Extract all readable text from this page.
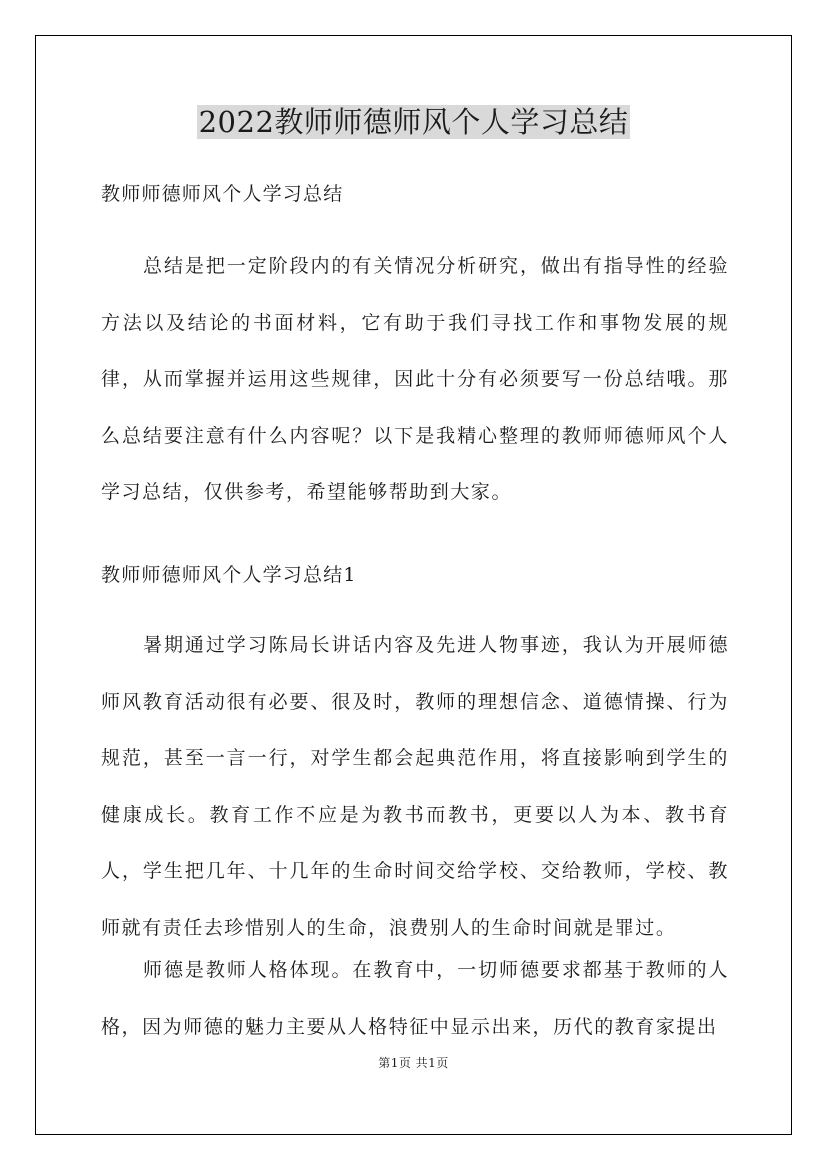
2022教师师德师风个人学习总结
教师师德师风个人学习总结

总结是把一定阶段内的有关情况分析研究，做出有指导性的经验方法以及结论的书面材料，它有助于我们寻找工作和事物发展的规律，从而掌握并运用这些规律，因此十分有必须要写一份总结哦。那么总结要注意有什么内容呢？以下是我精心整理的教师师德师风个人学习总结，仅供参考，希望能够帮助到大家。

教师师德师风个人学习总结1

暑期通过学习陈局长讲话内容及先进人物事迹，我认为开展师德师风教育活动很有必要、很及时，教师的理想信念、道德情操、行为规范，甚至一言一行，对学生都会起典范作用，将直接影响到学生的健康成长。教育工作不应是为教书而教书，更要以人为本、教书育人，学生把几年、十几年的生命时间交给学校、交给教师，学校、教师就有责任去珍惜别人的生命，浪费别人的生命时间就是罪过。

师德是教师人格体现。在教育中，一切师德要求都基于教师的人格，因为师德的魅力主要从人格特征中显示出来，历代的教育家提出

第1页 共1页
